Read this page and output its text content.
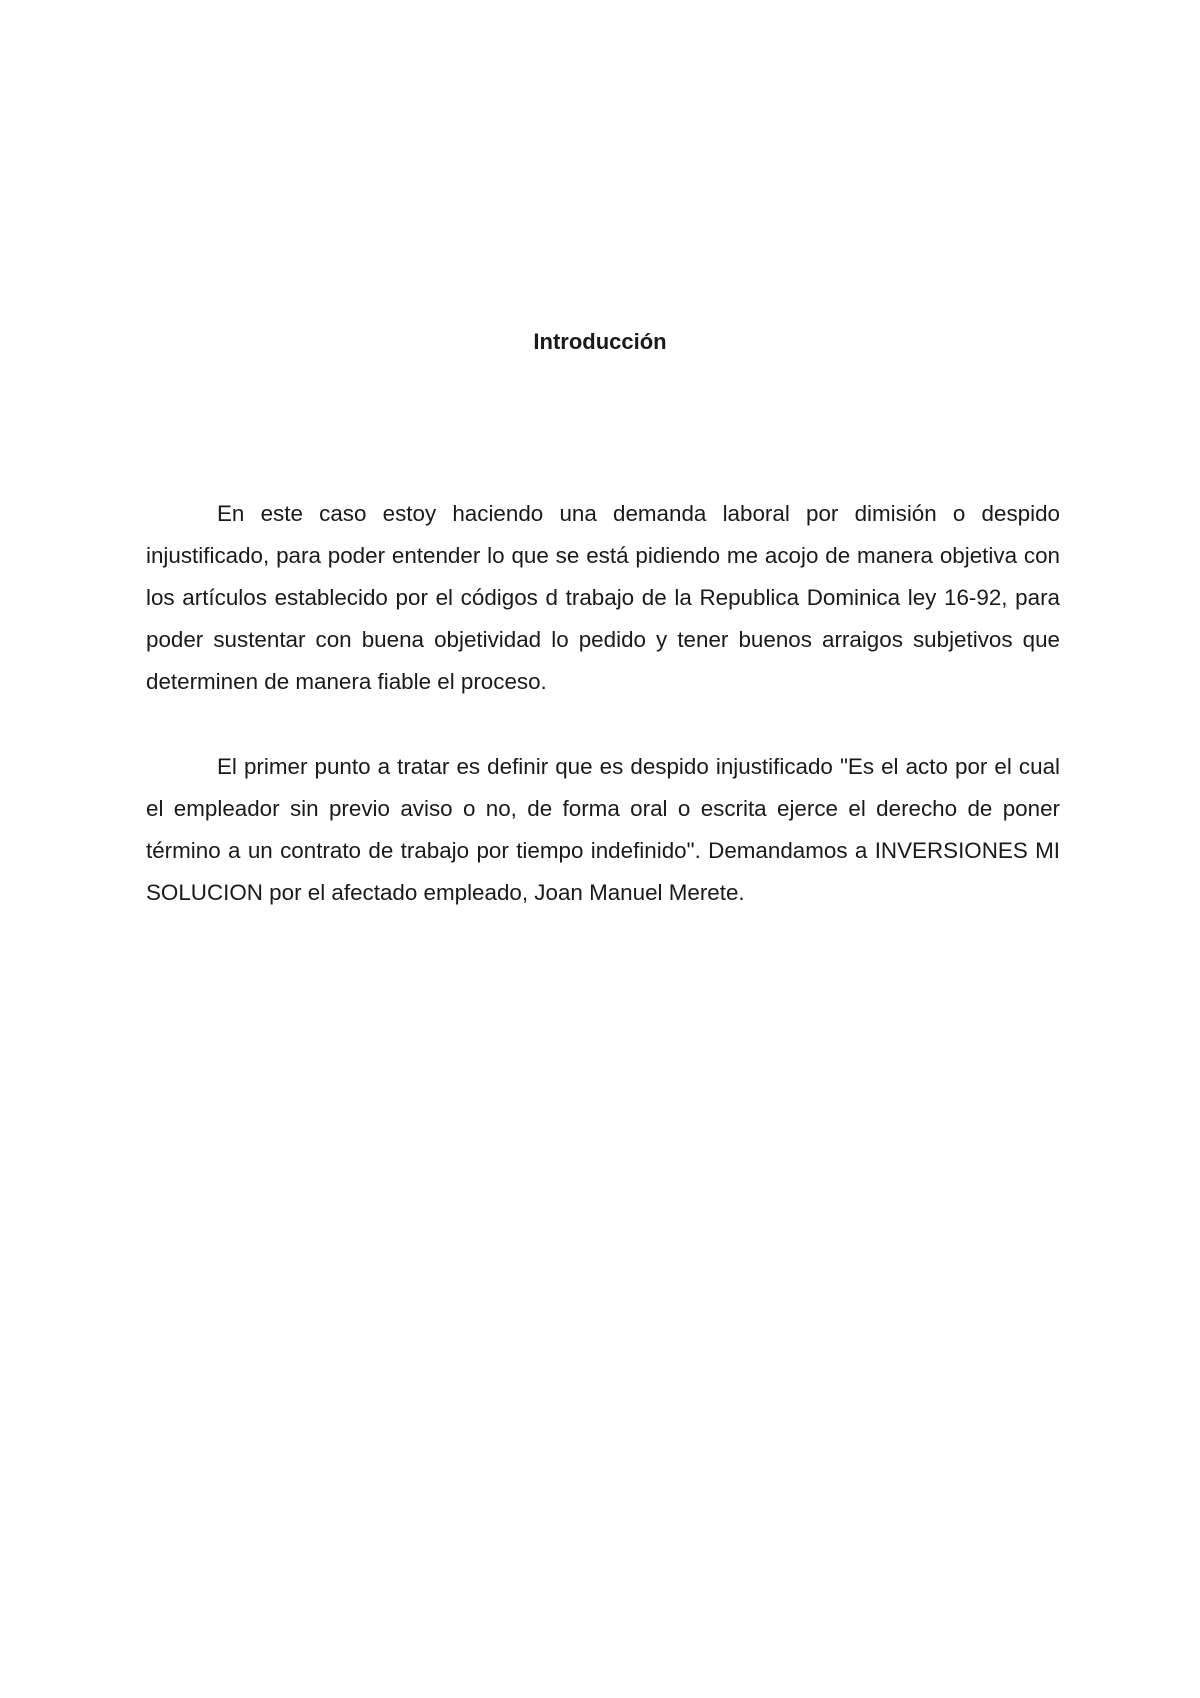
Introducción

En este caso estoy haciendo una demanda laboral por dimisión o despido injustificado, para poder entender lo que se está pidiendo me acojo de manera objetiva con los artículos establecido por el códigos d trabajo de la Republica Dominica ley 16-92, para poder sustentar con buena objetividad lo pedido y tener buenos arraigos subjetivos que determinen de manera fiable el proceso.

El primer punto a tratar es definir que es despido injustificado "Es el acto por el cual el empleador sin previo aviso o no, de forma oral o escrita ejerce el derecho de poner término a un contrato de trabajo por tiempo indefinido". Demandamos a INVERSIONES MI SOLUCION por el afectado empleado, Joan Manuel Merete.
